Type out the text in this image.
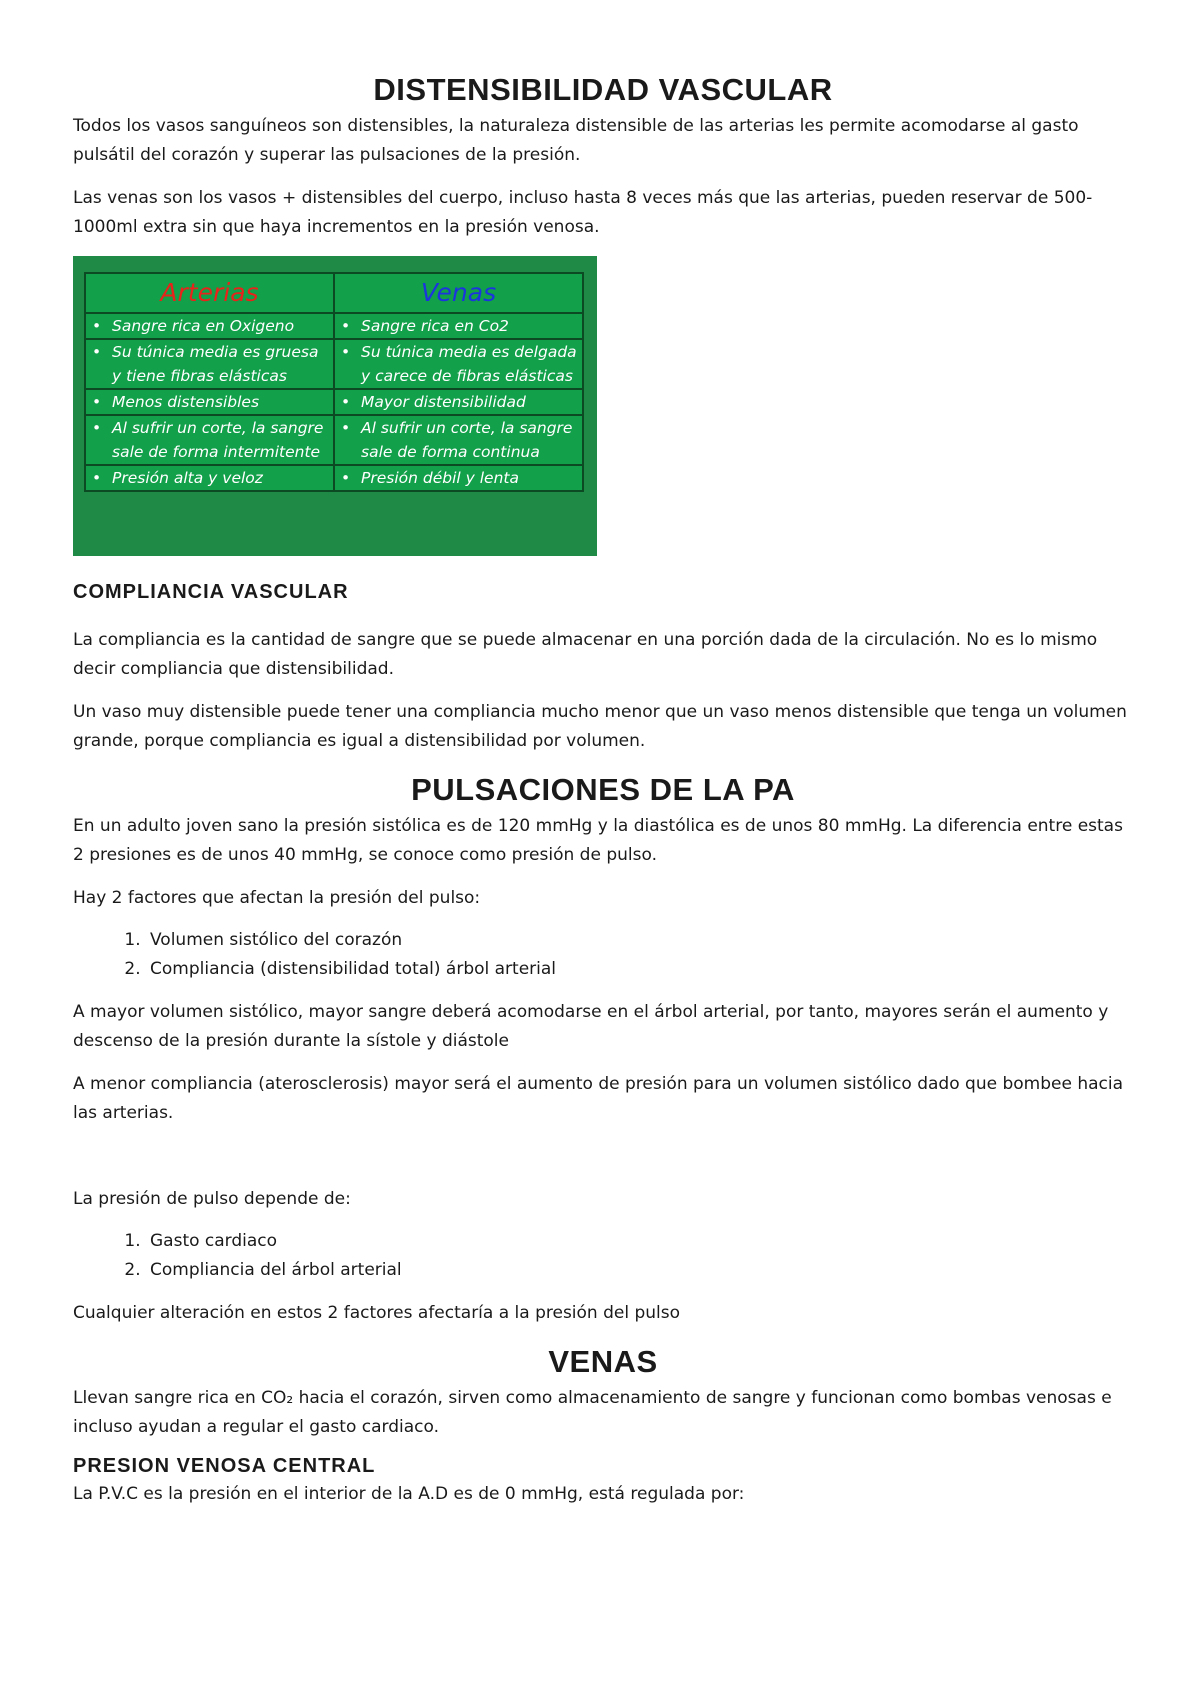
DISTENSIBILIDAD VASCULAR

Todos los vasos sanguíneos son distensibles, la naturaleza distensible de las arterias les permite acomodarse al gasto pulsátil del corazón y superar las pulsaciones de la presión.

Las venas son los vasos + distensibles del cuerpo, incluso hasta 8 veces más que las arterias, pueden reservar de 500-1000ml extra sin que haya incrementos en la presión venosa.

Arterias	Venas

• Sangre rica en Oxigeno	• Sangre rica en Co2

• Su túnica media es gruesa y tiene fibras elásticas	• Su túnica media es delgada y carece de fibras elásticas

• Menos distensibles	• Mayor distensibilidad

• Al sufrir un corte, la sangre sale de forma intermitente	• Al sufrir un corte, la sangre sale de forma continua

• Presión alta y veloz	• Presión débil y lenta
COMPLIANCIA VASCULAR

La compliancia es la cantidad de sangre que se puede almacenar en una porción dada de la circulación. No es lo mismo decir compliancia que distensibilidad.

Un vaso muy distensible puede tener una compliancia mucho menor que un vaso menos distensible que tenga un volumen grande, porque compliancia es igual a distensibilidad por volumen.

PULSACIONES DE LA PA

En un adulto joven sano la presión sistólica es de 120 mmHg y la diastólica es de unos 80 mmHg. La diferencia entre estas 2 presiones es de unos 40 mmHg, se conoce como presión de pulso.

Hay 2 factores que afectan la presión del pulso:

1. Volumen sistólico del corazón
2. Compliancia (distensibilidad total) árbol arterial

A mayor volumen sistólico, mayor sangre deberá acomodarse en el árbol arterial, por tanto, mayores serán el aumento y descenso de la presión durante la sístole y diástole

A menor compliancia (aterosclerosis) mayor será el aumento de presión para un volumen sistólico dado que bombee hacia las arterias.

La presión de pulso depende de:

1. Gasto cardiaco
2. Compliancia del árbol arterial

Cualquier alteración en estos 2 factores afectaría a la presión del pulso

VENAS

Llevan sangre rica en CO₂ hacia el corazón, sirven como almacenamiento de sangre y funcionan como bombas venosas e incluso ayudan a regular el gasto cardiaco.

PRESION VENOSA CENTRAL

La P.V.C es la presión en el interior de la A.D es de 0 mmHg, está regulada por:
